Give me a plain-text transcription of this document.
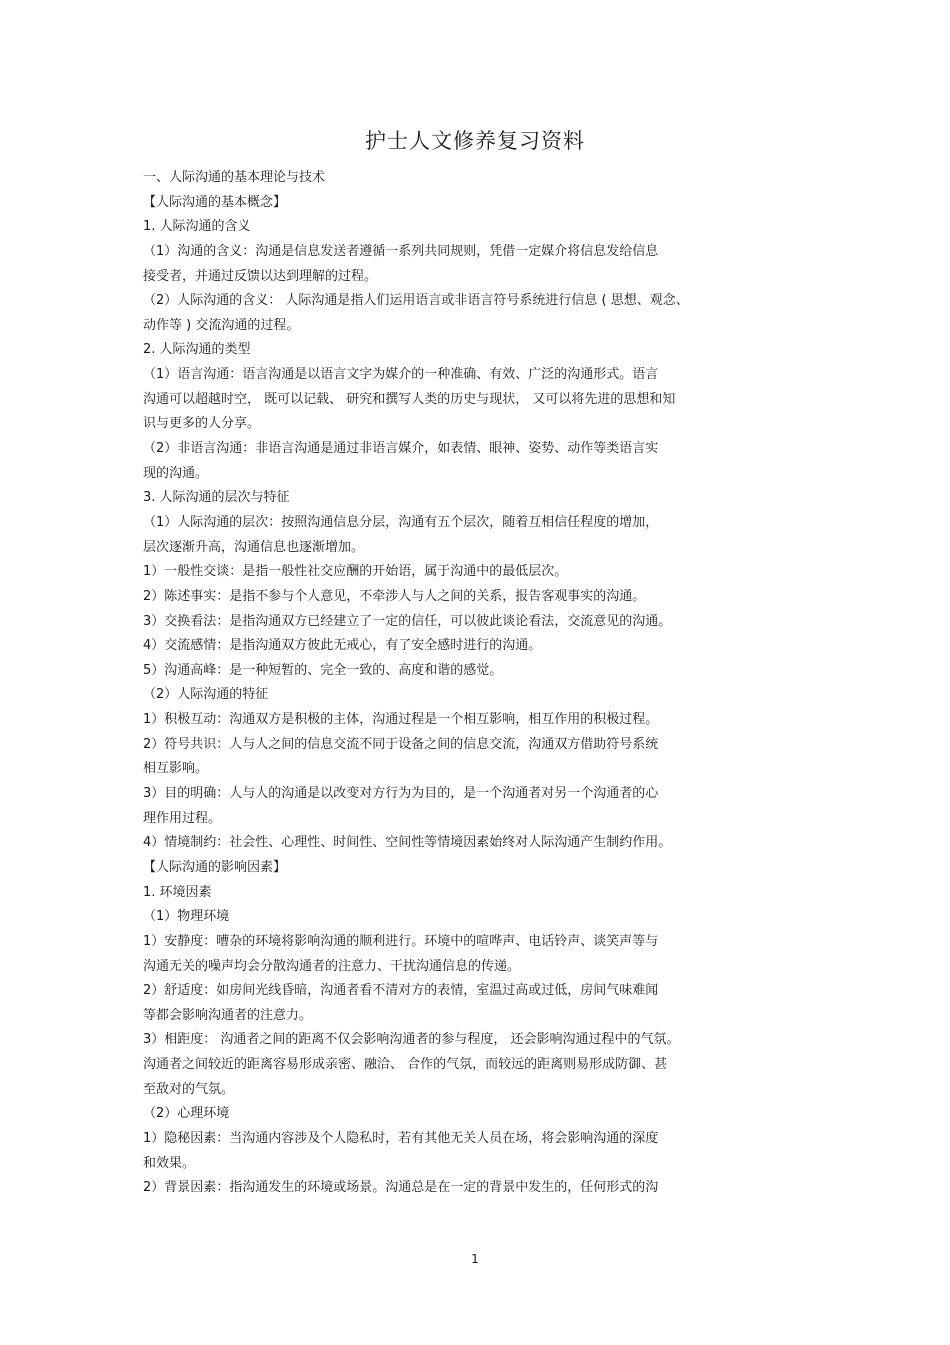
护士人文修养复习资料
一、人际沟通的基本理论与技术
【人际沟通的基本概念】
1. 人际沟通的含义
（1）沟通的含义：沟通是信息发送者遵循一系列共同规则，凭借一定媒介将信息发给信息
接受者，并通过反馈以达到理解的过程。
（2）人际沟通的含义： 人际沟通是指人们运用语言或非语言符号系统进行信息 ( 思想、观念、
动作等 ) 交流沟通的过程。
2. 人际沟通的类型
（1）语言沟通：语言沟通是以语言文字为媒介的一种准确、有效、广泛的沟通形式。语言
沟通可以超越时空， 既可以记载、 研究和撰写人类的历史与现状， 又可以将先进的思想和知
识与更多的人分享。
（2）非语言沟通：非语言沟通是通过非语言媒介，如表情、眼神、姿势、动作等类语言实
现的沟通。
3. 人际沟通的层次与特征
（1）人际沟通的层次：按照沟通信息分层，沟通有五个层次，随着互相信任程度的增加，
层次逐渐升高，沟通信息也逐渐增加。
1）一般性交谈：是指一般性社交应酬的开始语，属于沟通中的最低层次。
2）陈述事实：是指不参与个人意见，不牵涉人与人之间的关系，报告客观事实的沟通。
3）交换看法：是指沟通双方已经建立了一定的信任，可以彼此谈论看法，交流意见的沟通。
4）交流感情：是指沟通双方彼此无戒心，有了安全感时进行的沟通。
5）沟通高峰：是一种短暂的、完全一致的、高度和谐的感觉。
（2）人际沟通的特征
1）积极互动：沟通双方是积极的主体，沟通过程是一个相互影响，相互作用的积极过程。
2）符号共识：人与人之间的信息交流不同于设备之间的信息交流，沟通双方借助符号系统
相互影响。
3）目的明确：人与人的沟通是以改变对方行为为目的，是一个沟通者对另一个沟通者的心
理作用过程。
4）情境制约：社会性、心理性、时间性、空间性等情境因素始终对人际沟通产生制约作用。
【人际沟通的影响因素】
1. 环境因素
（1）物理环境
1）安静度：嘈杂的环境将影响沟通的顺利进行。环境中的喧哗声、电话铃声、谈笑声等与
沟通无关的噪声均会分散沟通者的注意力、干扰沟通信息的传递。
2）舒适度：如房间光线昏暗，沟通者看不清对方的表情，室温过高或过低，房间气味难闻
等都会影响沟通者的注意力。
3）相距度： 沟通者之间的距离不仅会影响沟通者的参与程度， 还会影响沟通过程中的气氛。
沟通者之间较近的距离容易形成亲密、融洽、 合作的气氛，而较远的距离则易形成防御、甚
至敌对的气氛。
（2）心理环境
1）隐秘因素：当沟通内容涉及个人隐私时，若有其他无关人员在场，将会影响沟通的深度
和效果。
2）背景因素：指沟通发生的环境或场景。沟通总是在一定的背景中发生的，任何形式的沟
1
